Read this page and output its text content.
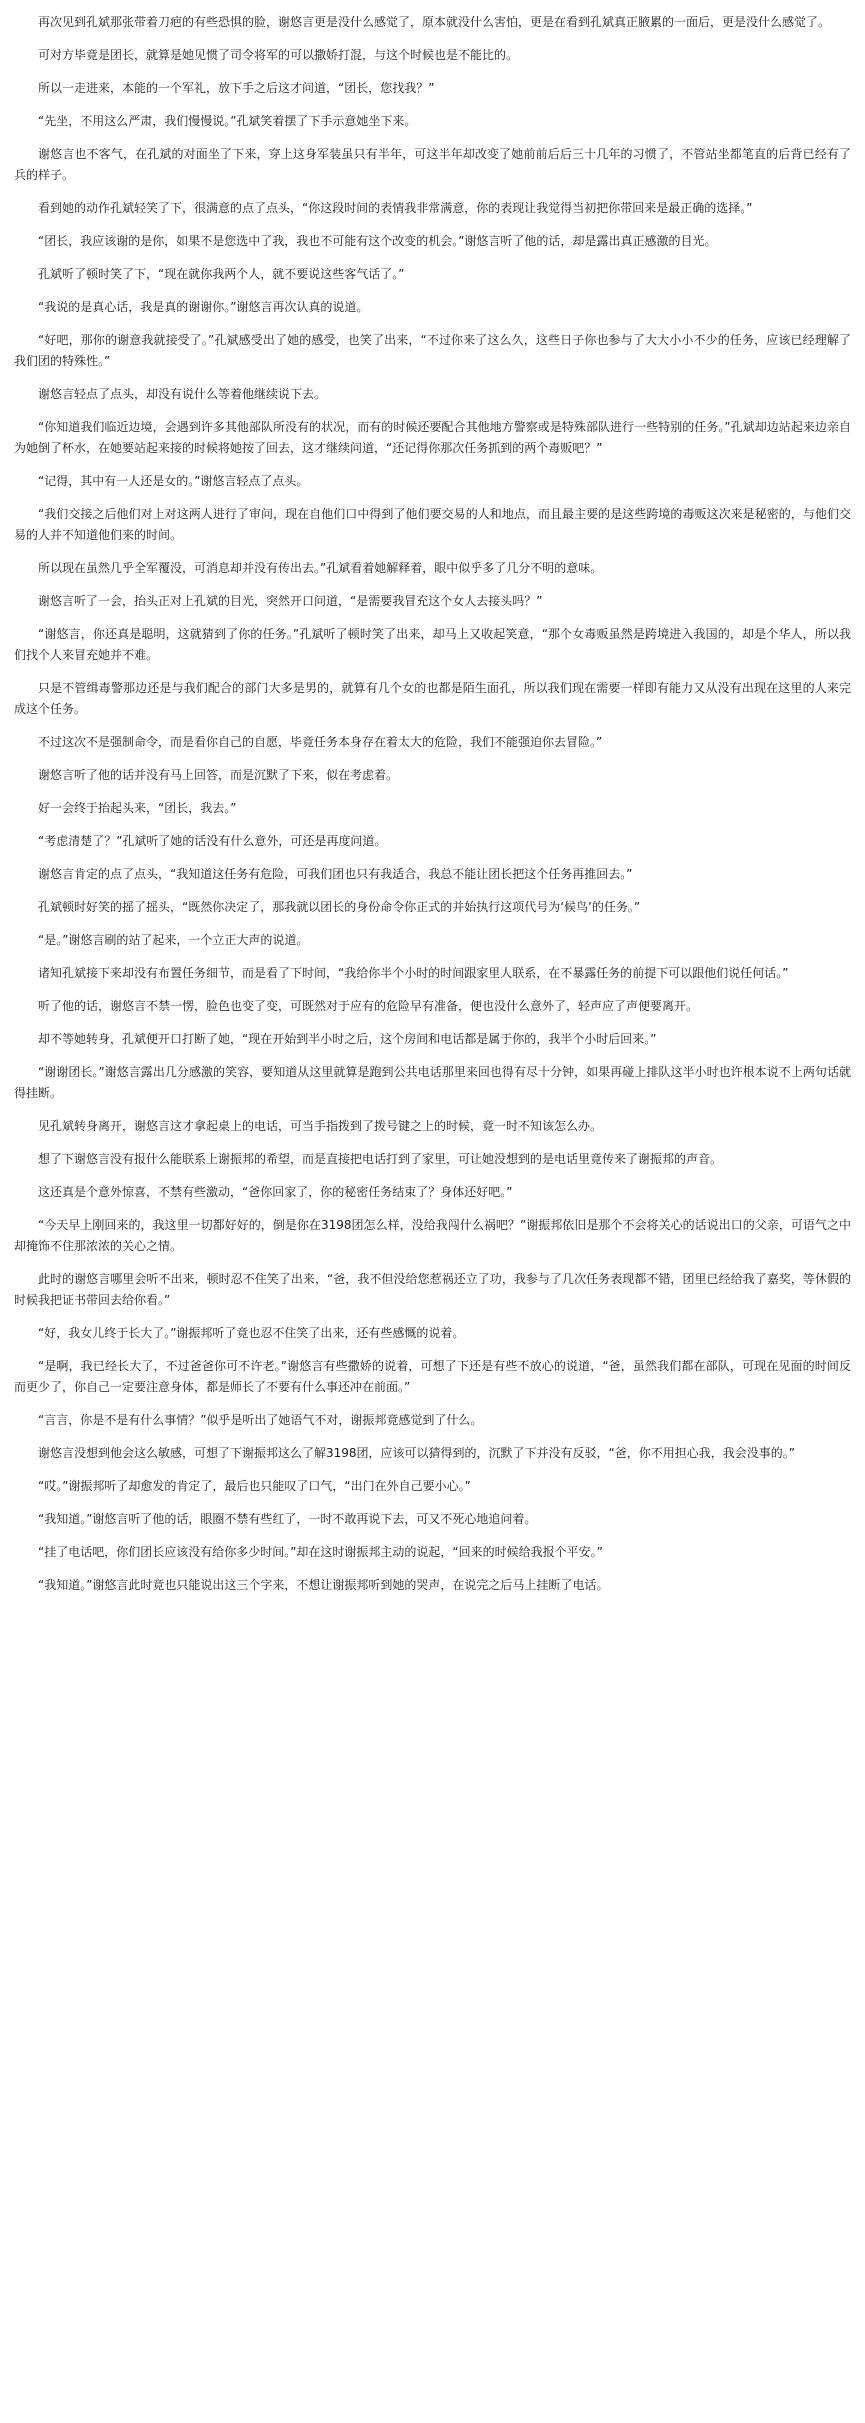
再次见到孔斌那张带着刀疤的有些恐惧的脸，谢悠言更是没什么感觉了，原本就没什么害怕，更是在看到孔斌真正腋累的一面后，更是没什么感觉了。

可对方毕竟是团长，就算是她见惯了司令将军的可以撒娇打混，与这个时候也是不能比的。

所以一走进来，本能的一个军礼，放下手之后这才问道，“团长，您找我？”

“先坐，不用这么严肃，我们慢慢说。”孔斌笑着摆了下手示意她坐下来。

谢悠言也不客气，在孔斌的对面坐了下来，穿上这身军装虽只有半年，可这半年却改变了她前前后后三十几年的习惯了，不管站坐都笔直的后背已经有了兵的样子。

看到她的动作孔斌轻笑了下，很满意的点了点头，“你这段时间的表情我非常满意，你的表现让我觉得当初把你带回来是最正确的选择。”

“团长，我应该谢的是你，如果不是您选中了我，我也不可能有这个改变的机会。”谢悠言听了他的话，却是露出真正感激的目光。

孔斌听了顿时笑了下，“现在就你我两个人，就不要说这些客气话了。”

“我说的是真心话，我是真的谢谢你。”谢悠言再次认真的说道。

“好吧，那你的谢意我就接受了。”孔斌感受出了她的感受，也笑了出来，“不过你来了这么久，这些日子你也参与了大大小小不少的任务，应该已经理解了我们团的特殊性。”

谢悠言轻点了点头，却没有说什么等着他继续说下去。

“你知道我们临近边境，会遇到许多其他部队所没有的状况，而有的时候还要配合其他地方警察或是特殊部队进行一些特别的任务。”孔斌却边站起来边亲自为她倒了杯水，在她要站起来接的时候将她按了回去，这才继续问道，“还记得你那次任务抓到的两个毒贩吧？”

“记得，其中有一人还是女的。”谢悠言轻点了点头。

“我们交接之后他们对上对这两人进行了审问，现在自他们口中得到了他们要交易的人和地点，而且最主要的是这些跨境的毒贩这次来是秘密的，与他们交易的人并不知道他们来的时间。

所以现在虽然几乎全军覆没，可消息却并没有传出去。”孔斌看着她解释着，眼中似乎多了几分不明的意味。

谢悠言听了一会，抬头正对上孔斌的目光，突然开口问道，“是需要我冒充这个女人去接头吗？”

“谢悠言，你还真是聪明，这就猜到了你的任务。”孔斌听了顿时笑了出来，却马上又收起笑意，“那个女毒贩虽然是跨境进入我国的，却是个华人，所以我们找个人来冒充她并不难。

只是不管缉毒警那边还是与我们配合的部门大多是男的，就算有几个女的也都是陌生面孔，所以我们现在需要一样即有能力又从没有出现在这里的人来完成这个任务。

不过这次不是强制命令，而是看你自己的自愿，毕竟任务本身存在着太大的危险，我们不能强迫你去冒险。”

谢悠言听了他的话并没有马上回答，而是沉默了下来，似在考虑着。

好一会终于抬起头来，“团长，我去。”

“考虑清楚了？”孔斌听了她的话没有什么意外，可还是再度问道。

谢悠言肯定的点了点头，“我知道这任务有危险，可我们团也只有我适合，我总不能让团长把这个任务再推回去。”

孔斌顿时好笑的摇了摇头，“既然你决定了，那我就以团长的身份命令你正式的并始执行这项代号为‘候鸟’的任务。”

“是。”谢悠言刷的站了起来，一个立正大声的说道。

诸知孔斌接下来却没有布置任务细节，而是看了下时间，“我给你半个小时的时间跟家里人联系，在不暴露任务的前提下可以跟他们说任何话。”

听了他的话，谢悠言不禁一愣，脸色也变了变，可既然对于应有的危险早有准备，便也没什么意外了，轻声应了声便要离开。

却不等她转身，孔斌便开口打断了她，“现在开始到半小时之后，这个房间和电话都是属于你的，我半个小时后回来。”

“谢谢团长。”谢悠言露出几分感激的笑容，要知道从这里就算是跑到公共电话那里来回也得有尽十分钟，如果再碰上排队这半小时也许根本说不上两句话就得挂断。

见孔斌转身离开，谢悠言这才拿起桌上的电话，可当手指拨到了拨号键之上的时候，竟一时不知该怎么办。

想了下谢悠言没有报什么能联系上谢振邦的希望，而是直接把电话打到了家里，可让她没想到的是电话里竟传来了谢振邦的声音。

这还真是个意外惊喜，不禁有些激动，“爸你回家了，你的秘密任务结束了？身体还好吧。”

“今天早上刚回来的，我这里一切都好好的，倒是你在3198团怎么样，没给我闯什么祸吧？”谢振邦依旧是那个不会将关心的话说出口的父亲，可语气之中却掩饰不住那浓浓的关心之情。

此时的谢悠言哪里会听不出来，顿时忍不住笑了出来，“爸，我不但没给您惹祸还立了功，我参与了几次任务表现都不错，团里已经给我了嘉奖，等休假的时候我把证书带回去给你看。”

“好，我女儿终于长大了。”谢振邦听了竟也忍不住笑了出来，还有些感慨的说着。

“是啊，我已经长大了，不过爸爸你可不许老。”谢悠言有些撒娇的说着，可想了下还是有些不放心的说道，“爸，虽然我们都在部队，可现在见面的时间反而更少了，你自己一定要注意身体，都是师长了不要有什么事还冲在前面。”

“言言，你是不是有什么事情？”似乎是听出了她语气不对，谢振邦竟感觉到了什么。

谢悠言没想到他会这么敏感，可想了下谢振邦这么了解3198团，应该可以猜得到的，沉默了下并没有反驳，“爸，你不用担心我，我会没事的。”

“哎。”谢振邦听了却愈发的肯定了，最后也只能叹了口气，“出门在外自己要小心。”

“我知道。”谢悠言听了他的话，眼圈不禁有些红了，一时不敢再说下去，可又不死心地追问着。

“挂了电话吧，你们团长应该没有给你多少时间。”却在这时谢振邦主动的说起，“回来的时候给我报个平安。”

“我知道。”谢悠言此时竟也只能说出这三个字来，不想让谢振邦听到她的哭声，在说完之后马上挂断了电话。
